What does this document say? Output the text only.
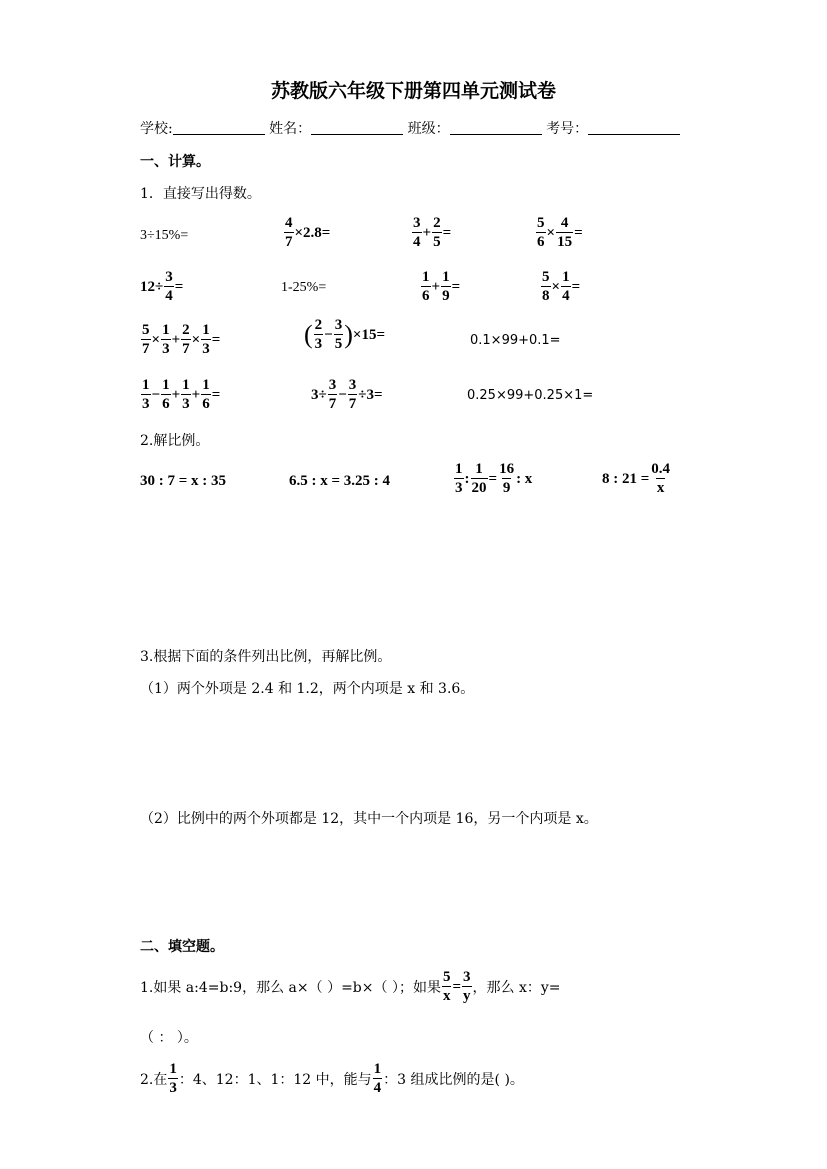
苏教版六年级下册第四单元测试卷
学校:	姓名：	班级：	考号：
一、计算。
1．直接写出得数。
3÷15%=	$\frac{4}{7} \times 2.8=$	$\frac{3}{4} + \frac{2}{5}$ =	$\frac{5}{6} \times \frac{4}{15}$ =
$12\div \frac{3}{4}$ =	1-25%=	$\frac{1}{6} + \frac{1}{9}$ =	$\frac{5}{8} \times \frac{1}{4}$ =
$\frac{5}{7} \times \frac{1}{3} + \frac{2}{7} \times \frac{1}{3}$ =	( $\frac{2}{3} - \frac{3}{5}$ ) ×15=	0.1×99+0.1=
$\frac{1}{3} - \frac{1}{6} + \frac{1}{3} + \frac{1}{6}$ =	$3\div \frac{3}{7} - \frac{3}{7} \div 3=$	0.25×99+0.25×1=
2.解比例。
30 : 7 = x : 35	6.5 : x = 3.25 : 4	$\frac{1}{3}$ : $\frac{1}{20} = \frac{16}{9}$ : x	8 : $21 = \frac{0.4}{x}$
3.根据下面的条件列出比例，再解比例。
（1）两个外项是 2.4 和 1.2，两个内项是 x 和 3.6。
（2）比例中的两个外项都是 12，其中一个内项是 16，另一个内项是 x。
二、填空题。
1.如果 a:4=b:9，那么 a×（ ）=b×（ ）；如果 $\frac{5}{x} = \frac{3}{y}$ ，那么 x：y=
（ ： ）。
2.在 $\frac{1}{3}$ ：4、12：1、1：12 中，能与 $\frac{1}{4}$ ：3 组成比例的是( )。
